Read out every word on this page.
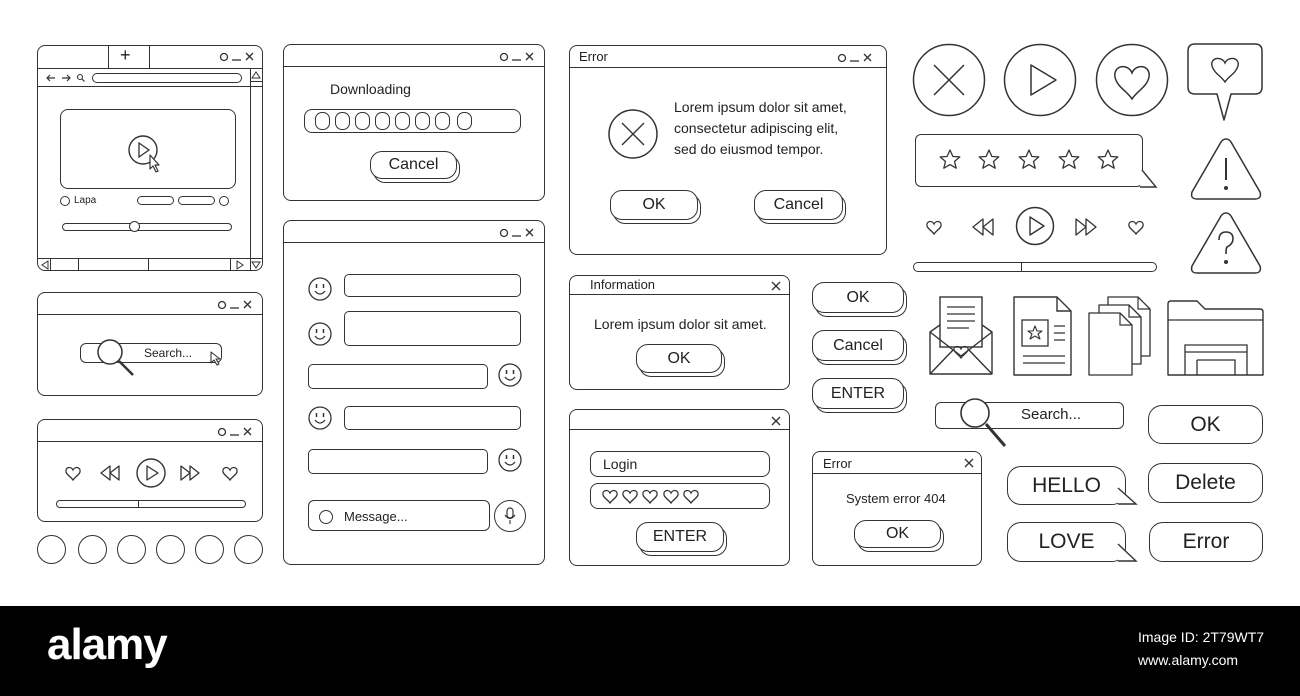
+
Lapa
Search...
Downloading
Cancel
Message...
Error
Lorem ipsum dolor sit amet,
consectetur adipiscing elit,
sed do eiusmod tempor.
OK	Cancel
Information
Lorem ipsum dolor sit amet.
OK
Login
ENTER
OK
Cancel
ENTER
Error
System error 404
OK
Search...	OK
Delete
Error
HELLO
LOVE
alamy	Image ID: 2T79WT7
www.alamy.com
